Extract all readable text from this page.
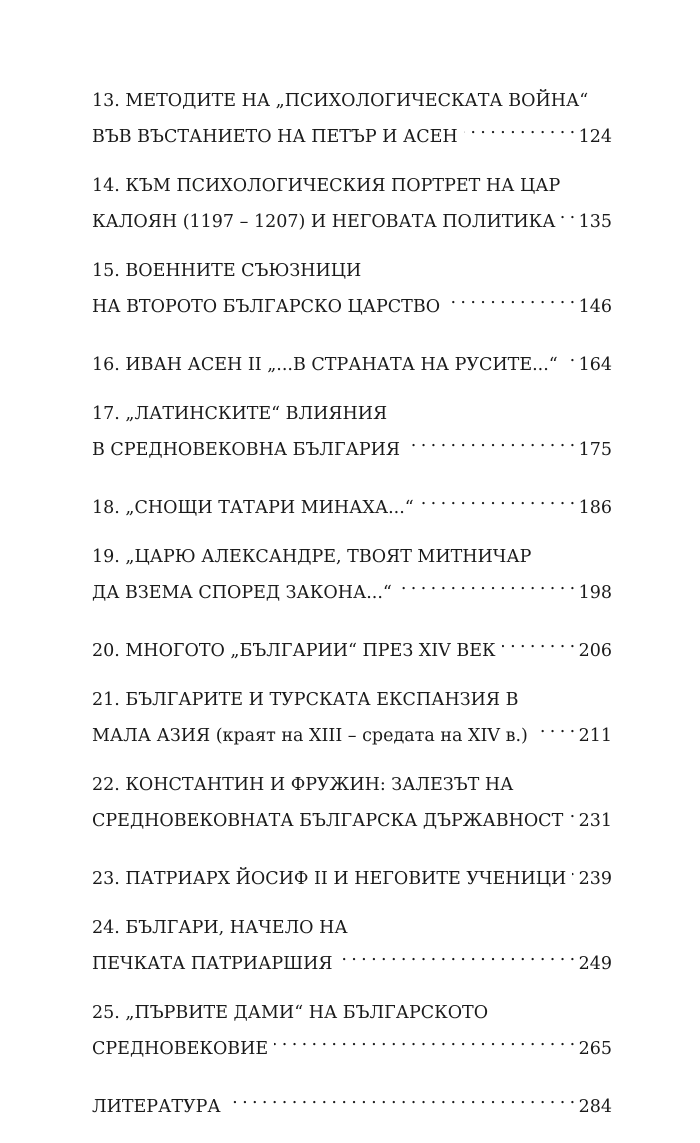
13. МЕТОДИТЕ НА „ПСИХОЛОГИЧЕСКАТА ВОЙНА“
ВЪВ ВЪСТАНИЕТО НА ПЕТЪР И АСЕН . . .	124
14. КЪМ ПСИХОЛОГИЧЕСКИЯ ПОРТРЕТ НА ЦАР
КАЛОЯН (1197 – 1207) И НЕГОВАТА ПОЛИТИКА . . . 135
15. ВОЕННИТЕ СЪЮЗНИЦИ
НА ВТОРОТО БЪЛГАРСКО ЦАРСТВО . . .	146
16. ИВАН АСЕН II „...В СТРАНАТА НА РУСИТЕ...“ . . . 164
17. „ЛАТИНСКИТЕ“ ВЛИЯНИЯ
В СРЕДНОВЕКОВНА БЪЛГАРИЯ . . .	175
18. „СНОЩИ ТАТАРИ МИНАХА...“ . . .	186
19. „ЦАРЮ АЛЕКСАНДРЕ, ТВОЯТ МИТНИЧАР
ДА ВЗЕМА СПОРЕД ЗАКОНА...“ . . .	198
20. МНОГОТО „БЪЛГАРИИ“ ПРЕЗ XIV ВЕК . . .	206
21. БЪЛГАРИТЕ И ТУРСКАТА ЕКСПАНЗИЯ В
МАЛА АЗИЯ (краят на XIII – средата на XIV в.) . . .	211
22. КОНСТАНТИН И ФРУЖИН: ЗАЛЕЗЪТ НА
СРЕДНОВЕКОВНАТА БЪЛГАРСКА ДЪРЖАВНОСТ . . . 231
23. ПАТРИАРХ ЙОСИФ II И НЕГОВИТЕ УЧЕНИЦИ . . . 239
24. БЪЛГАРИ, НАЧЕЛО НА
ПЕЧКАТА ПАТРИАРШИЯ . . .	249
25. „ПЪРВИТЕ ДАМИ“ НА БЪЛГАРСКОТО
СРЕДНОВЕКОВИЕ . . .	265
ЛИТЕРАТУРА . . .	284
